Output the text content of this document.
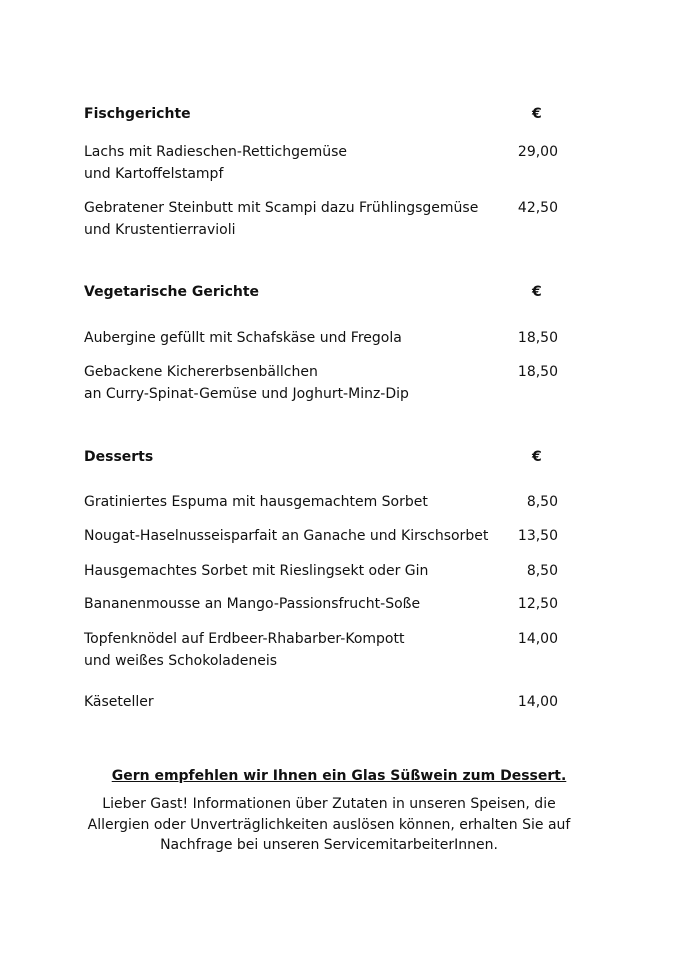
Fischgerichte	€
Lachs mit Radieschen-Rettichgemüse
und Kartoffelstampf
29,00
Gebratener Steinbutt mit Scampi dazu Frühlingsgemüse
und Krustentierravioli
42,50
Vegetarische Gerichte	€
Aubergine gefüllt mit Schafskäse und Fregola	18,50
Gebackene Kichererbsenbällchen
an Curry-Spinat-Gemüse und Joghurt-Minz-Dip
18,50
Desserts	€
Gratiniertes Espuma mit hausgemachtem Sorbet	8,50
Nougat-Haselnusseisparfait an Ganache und Kirschsorbet	13,50
Hausgemachtes Sorbet mit Rieslingsekt oder Gin	8,50
Bananenmousse an Mango-Passionsfrucht-Soße	12,50
Topfenknödel auf Erdbeer-Rhabarber-Kompott
und weißes Schokoladeneis
14,00
Käseteller	14,00
Gern empfehlen wir Ihnen ein Glas Süßwein zum Dessert.
Lieber Gast! Informationen über Zutaten in unseren Speisen, die Allergien oder Unverträglichkeiten auslösen können, erhalten Sie auf Nachfrage bei unseren ServicemitarbeiterInnen.
